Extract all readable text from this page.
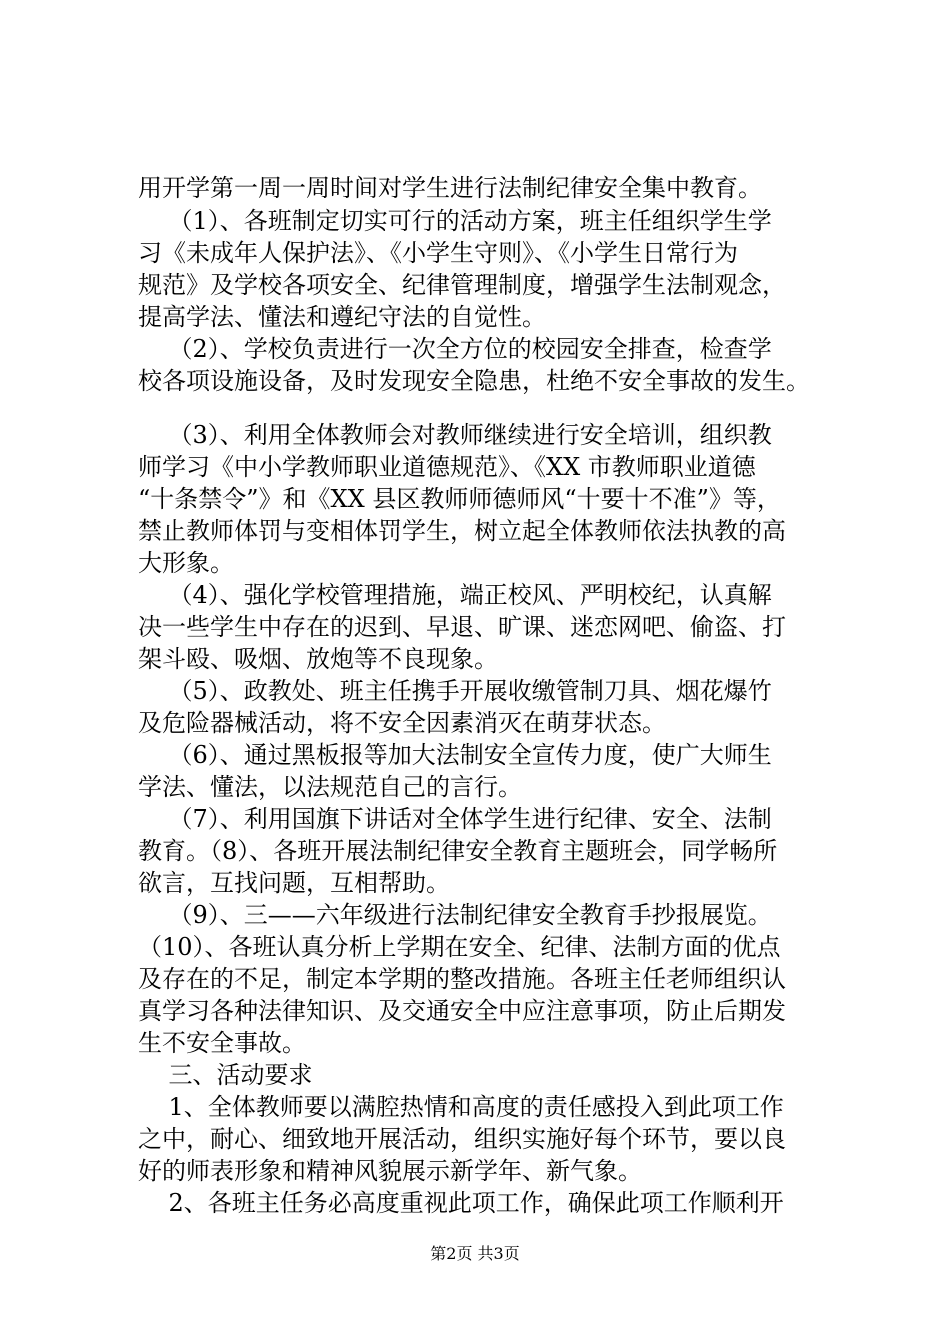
用开学第一周一周时间对学生进行法制纪律安全集中教育。
（1）、各班制定切实可行的活动方案，班主任组织学生学
习《未成年人保护法》、《小学生守则》、《小学生日常行为
规范》及学校各项安全、纪律管理制度，增强学生法制观念，
提高学法、懂法和遵纪守法的自觉性。
（2）、学校负责进行一次全方位的校园安全排查，检查学
校各项设施设备，及时发现安全隐患，杜绝不安全事故的发生。
（3）、利用全体教师会对教师继续进行安全培训，组织教
师学习《中小学教师职业道德规范》、《XX 市教师职业道德
“十条禁令”》和《XX 县区教师师德师风“十要十不准”》等，
禁止教师体罚与变相体罚学生，树立起全体教师依法执教的高
大形象。
（4）、强化学校管理措施，端正校风、严明校纪，认真解
决一些学生中存在的迟到、早退、旷课、迷恋网吧、偷盗、打
架斗殴、吸烟、放炮等不良现象。
（5）、政教处、班主任携手开展收缴管制刀具、烟花爆竹
及危险器械活动，将不安全因素消灭在萌芽状态。
（6）、通过黑板报等加大法制安全宣传力度，使广大师生
学法、懂法，以法规范自己的言行。
（7）、利用国旗下讲话对全体学生进行纪律、安全、法制
教育。（8）、各班开展法制纪律安全教育主题班会，同学畅所
欲言，互找问题，互相帮助。
（9）、三——六年级进行法制纪律安全教育手抄报展览。
（10）、各班认真分析上学期在安全、纪律、法制方面的优点
及存在的不足，制定本学期的整改措施。各班主任老师组织认
真学习各种法律知识、及交通安全中应注意事项，防止后期发
生不安全事故。
三、活动要求
1、全体教师要以满腔热情和高度的责任感投入到此项工作
之中，耐心、细致地开展活动，组织实施好每个环节，要以良
好的师表形象和精神风貌展示新学年、新气象。
2、各班主任务必高度重视此项工作，确保此项工作顺利开
第2页 共3页
